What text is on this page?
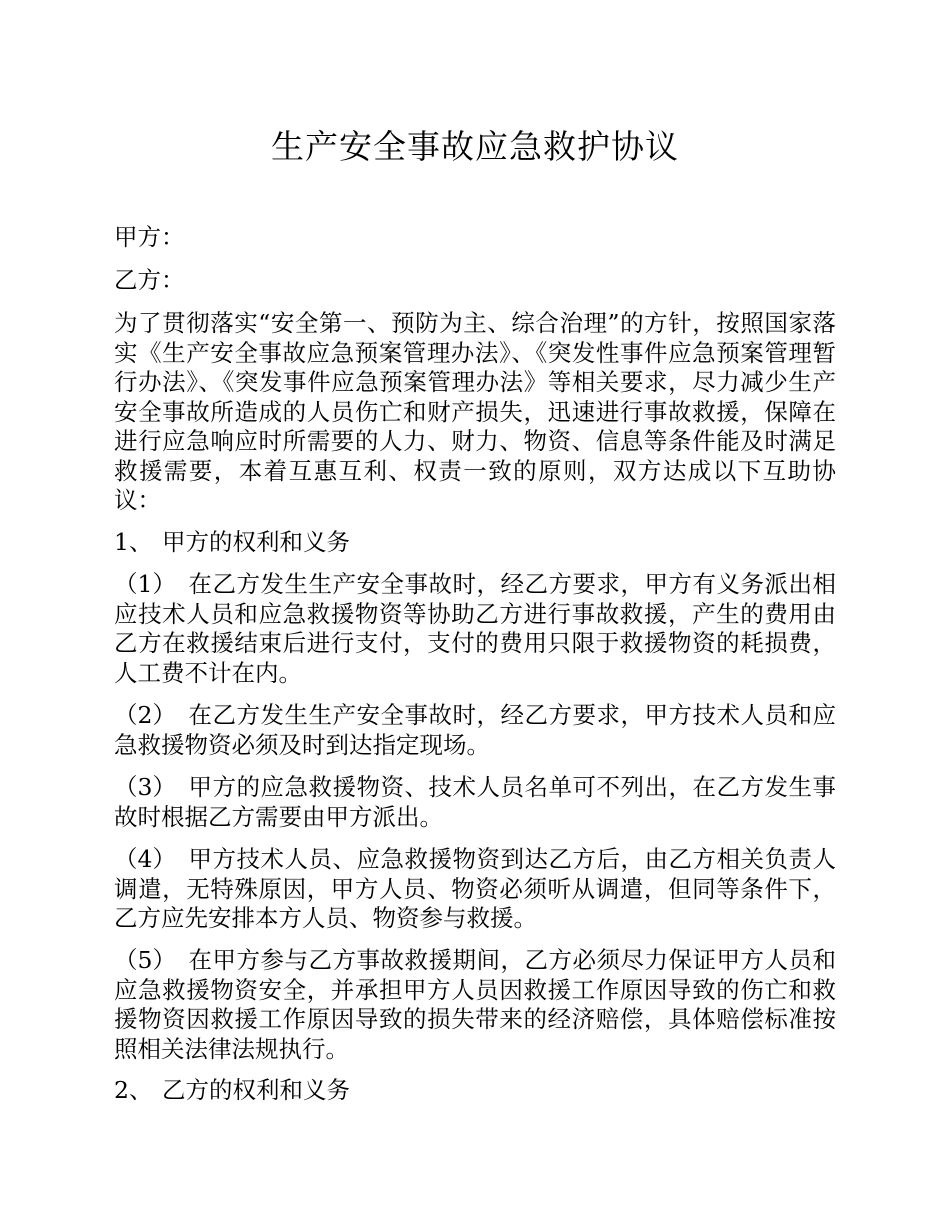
生产安全事故应急救护协议

甲方：

乙方：

为了贯彻落实“安全第一、预防为主、综合治理”的方针，按照国家落实《生产安全事故应急预案管理办法》、《突发性事件应急预案管理暂行办法》、《突发事件应急预案管理办法》等相关要求，尽力减少生产安全事故所造成的人员伤亡和财产损失，迅速进行事故救援，保障在进行应急响应时所需要的人力、财力、物资、信息等条件能及时满足救援需要，本着互惠互利、权责一致的原则，双方达成以下互助协议：

1、 甲方的权利和义务

（1） 在乙方发生生产安全事故时，经乙方要求，甲方有义务派出相应技术人员和应急救援物资等协助乙方进行事故救援，产生的费用由乙方在救援结束后进行支付，支付的费用只限于救援物资的耗损费，人工费不计在内。

（2） 在乙方发生生产安全事故时，经乙方要求，甲方技术人员和应急救援物资必须及时到达指定现场。

（3） 甲方的应急救援物资、技术人员名单可不列出，在乙方发生事故时根据乙方需要由甲方派出。

（4） 甲方技术人员、应急救援物资到达乙方后，由乙方相关负责人调遣，无特殊原因，甲方人员、物资必须听从调遣，但同等条件下，乙方应先安排本方人员、物资参与救援。

（5） 在甲方参与乙方事故救援期间，乙方必须尽力保证甲方人员和应急救援物资安全，并承担甲方人员因救援工作原因导致的伤亡和救援物资因救援工作原因导致的损失带来的经济赔偿，具体赔偿标准按照相关法律法规执行。

2、 乙方的权利和义务
